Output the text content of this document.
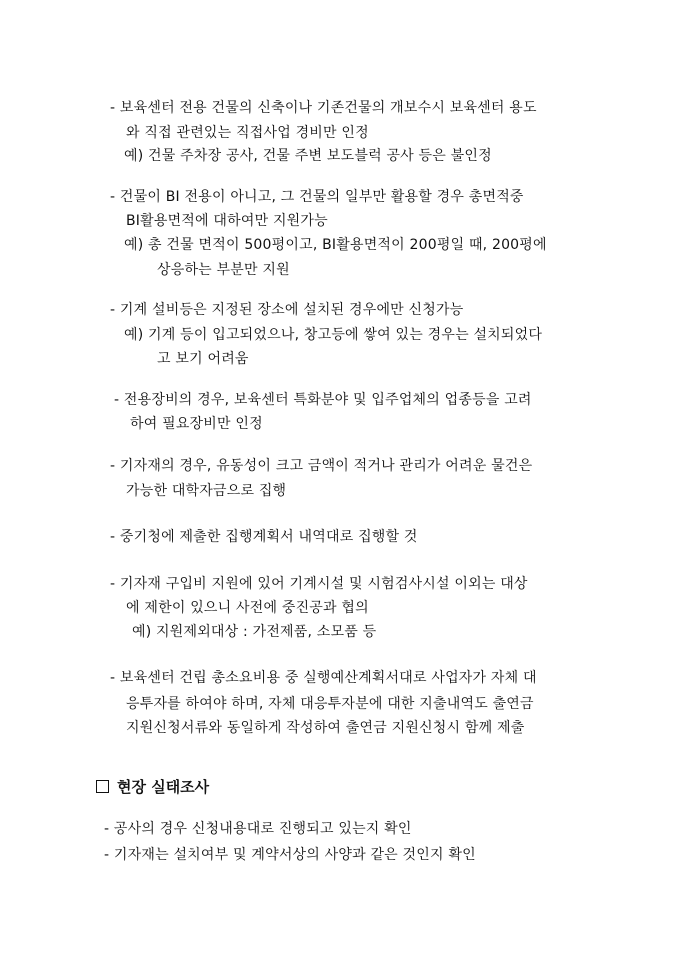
- 보육센터 전용 건물의 신축이나 기존건물의 개보수시 보육센터 용도
와 직접 관련있는 직접사업 경비만 인정
예) 건물 주차장 공사, 건물 주변 보도블럭 공사 등은 불인정
- 건물이 BI 전용이 아니고, 그 건물의 일부만 활용할 경우 총면적중
BI활용면적에 대하여만 지원가능
예) 총 건물 면적이 500평이고, BI활용면적이 200평일 때, 200평에
상응하는 부분만 지원
- 기계 설비등은 지정된 장소에 설치된 경우에만 신청가능
예) 기계 등이 입고되었으나, 창고등에 쌓여 있는 경우는 설치되었다
고 보기 어려움
- 전용장비의 경우, 보육센터 특화분야 및 입주업체의 업종등을 고려
하여 필요장비만 인정
- 기자재의 경우, 유동성이 크고 금액이 적거나 관리가 어려운 물건은
가능한 대학자금으로 집행
- 중기청에 제출한 집행계획서 내역대로 집행할 것
- 기자재 구입비 지원에 있어 기계시설 및 시험검사시설 이외는 대상
에 제한이 있으니 사전에 중진공과 협의
예) 지원제외대상 : 가전제품, 소모품 등
- 보육센터 건립 총소요비용 중 실행예산계획서대로 사업자가 자체 대
응투자를 하여야 하며, 자체 대응투자분에 대한 지출내역도 출연금
지원신청서류와 동일하게 작성하여 출연금 지원신청시 함께 제출
현장 실태조사
- 공사의 경우 신청내용대로 진행되고 있는지 확인
- 기자재는 설치여부 및 계약서상의 사양과 같은 것인지 확인
